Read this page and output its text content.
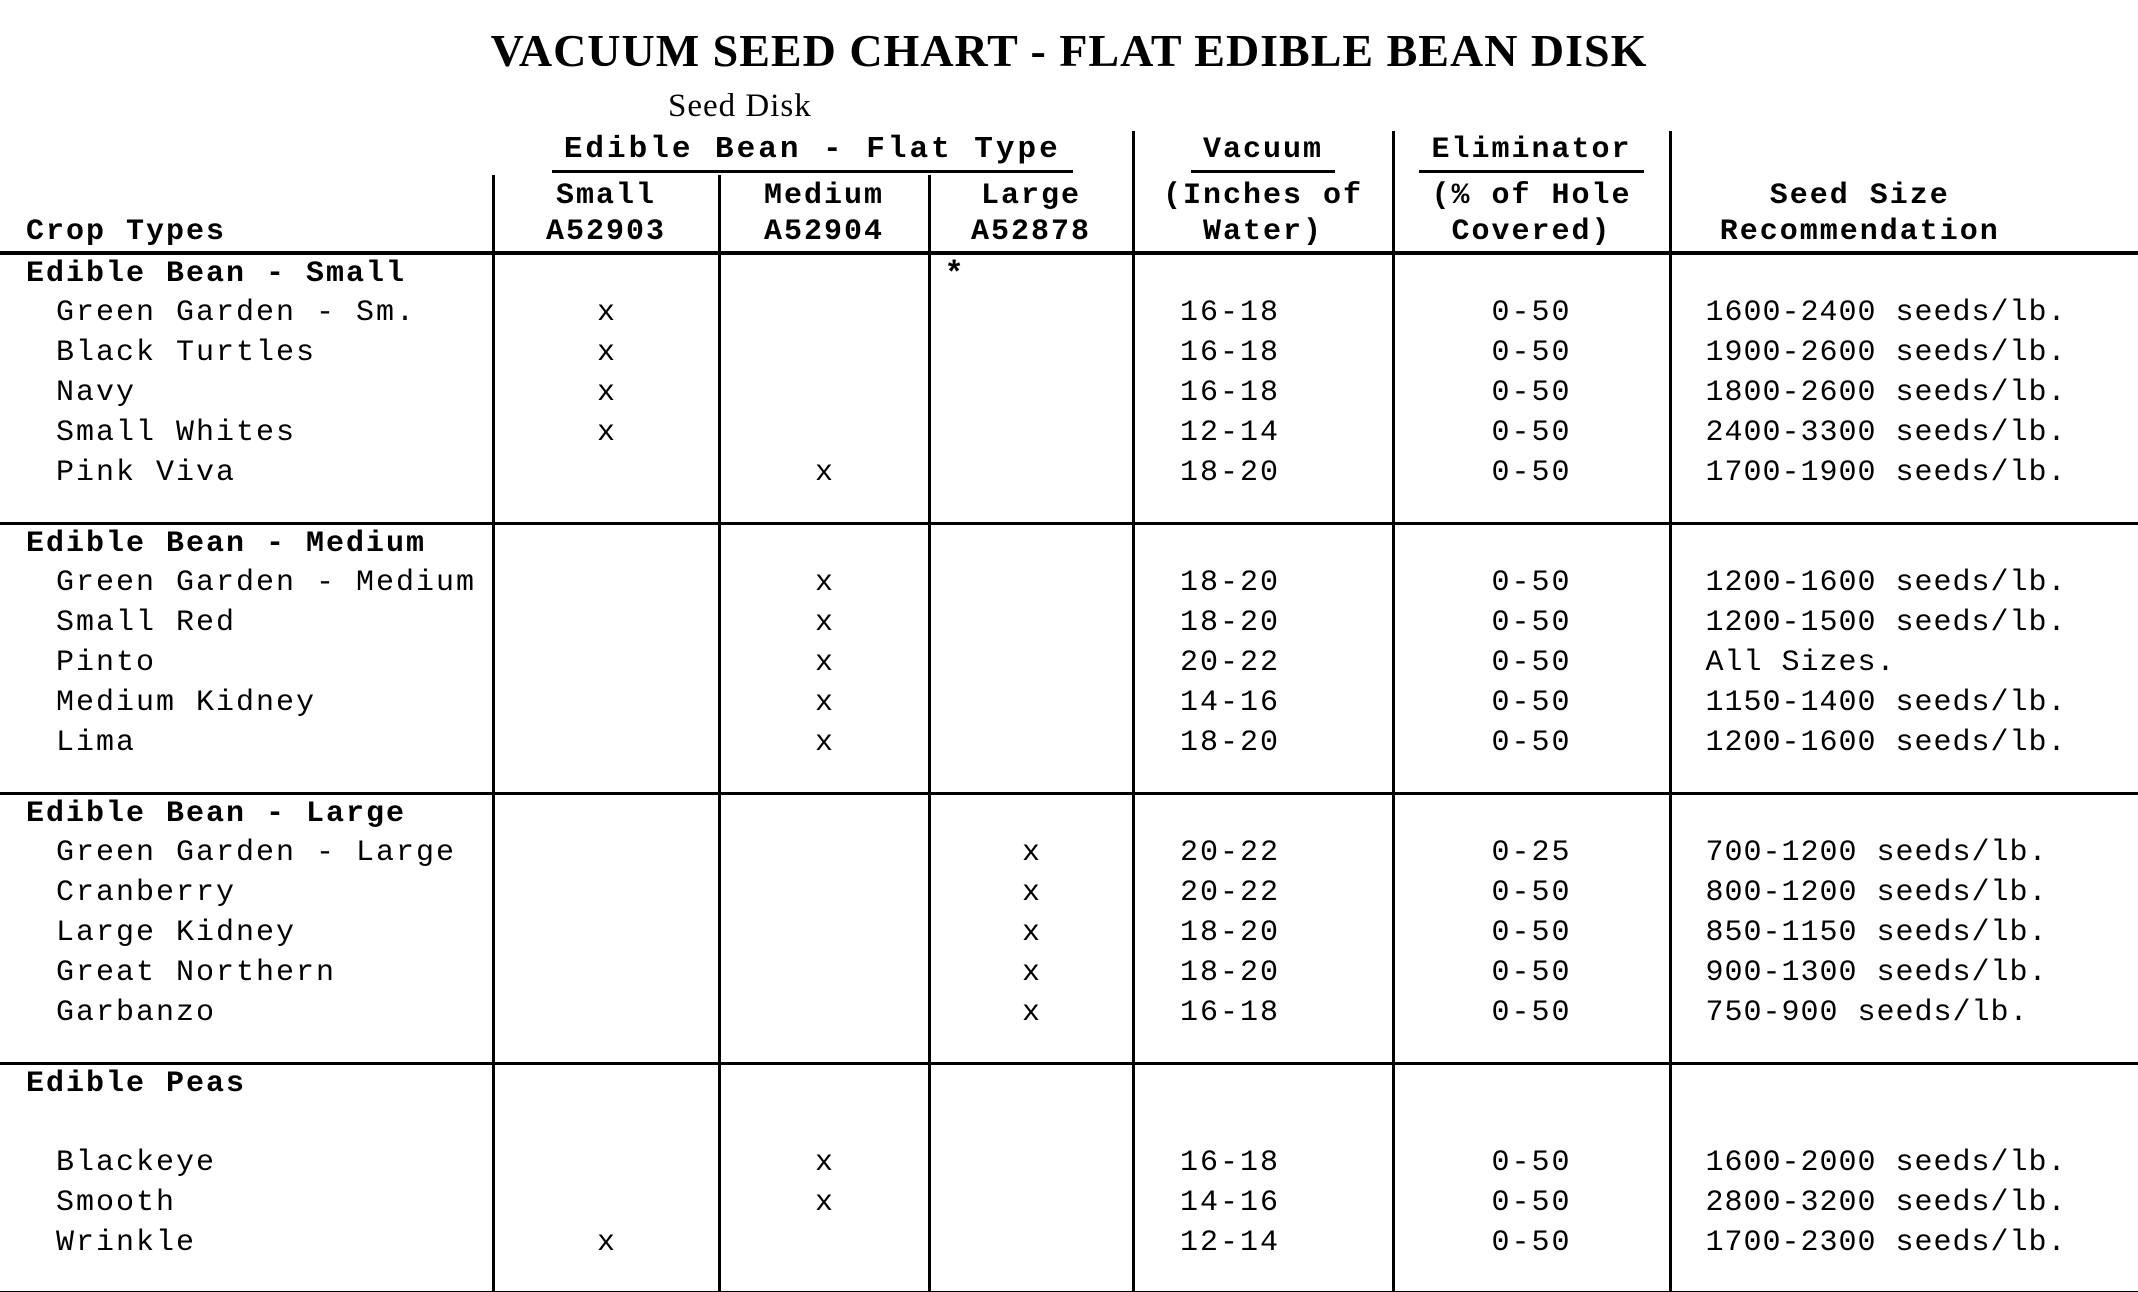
VACUUM SEED CHART - FLAT EDIBLE BEAN DISK
	Seed Disk					
	Edible Bean - Flat Type			Vacuum	Eliminator	
	Small	Medium	Large	(Inches of	(% of Hole	Seed Size
Crop Types	A52903	A52904	A52878	Water)	Covered)	Recommendation
Edible Bean - Small			*			
Green Garden - Sm.	x			16-18	0-50	1600-2400 seeds/lb.
Black Turtles	x			16-18	0-50	1900-2600 seeds/lb.
Navy	x			16-18	0-50	1800-2600 seeds/lb.
Small Whites	x			12-14	0-50	2400-3300 seeds/lb.
Pink Viva		x		18-20	0-50	1700-1900 seeds/lb.

Edible Bean - Medium						
Green Garden - Medium		x		18-20	0-50	1200-1600 seeds/lb.
Small Red		x		18-20	0-50	1200-1500 seeds/lb.
Pinto		x		20-22	0-50	All Sizes.
Medium Kidney		x		14-16	0-50	1150-1400 seeds/lb.
Lima		x		18-20	0-50	1200-1600 seeds/lb.

Edible Bean - Large						
Green Garden - Large			x	20-22	0-25	700-1200 seeds/lb.
Cranberry			x	20-22	0-50	800-1200 seeds/lb.
Large Kidney			x	18-20	0-50	850-1150 seeds/lb.
Great Northern			x	18-20	0-50	900-1300 seeds/lb.
Garbanzo			x	16-18	0-50	750-900 seeds/lb.

Edible Peas						

Blackeye		x		16-18	0-50	1600-2000 seeds/lb.
Smooth		x		14-16	0-50	2800-3200 seeds/lb.
Wrinkle	x			12-14	0-50	1700-2300 seeds/lb.
